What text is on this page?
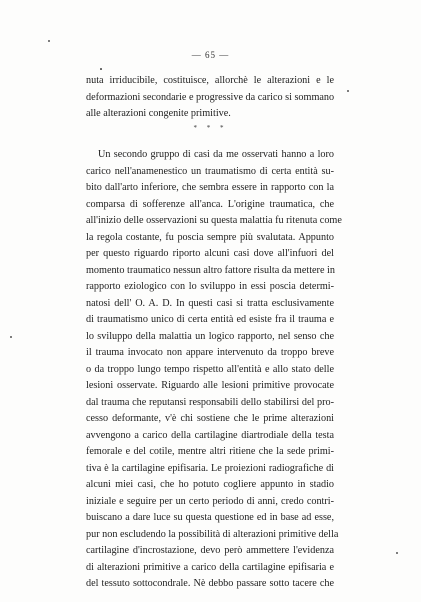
— 65 —
nuta irriducibile, costituisce, allorchè le alterazioni e le
deformazioni secondarie e progressive da carico si sommano
alle alterazioni congenite primitive.
* * *
Un secondo gruppo di casi da me osservati hanno a loro
carico nell'anamenestico un traumatismo di certa entità su-
bito dall'arto inferiore, che sembra essere in rapporto con la
comparsa di sofferenze all'anca. L'origine traumatica, che
all'inizio delle osservazioni su questa malattia fu ritenuta come
la regola costante, fu poscia sempre più svalutata. Appunto
per questo riguardo riporto alcuni casi dove all'infuori del
momento traumatico nessun altro fattore risulta da mettere in
rapporto eziologico con lo sviluppo in essi poscia determi-
natosi dell' O. A. D. In questi casi si tratta esclusivamente
di traumatismo unico di certa entità ed esiste fra il trauma e
lo sviluppo della malattia un logico rapporto, nel senso che
il trauma invocato non appare intervenuto da troppo breve
o da troppo lungo tempo rispetto all'entità e allo stato delle
lesioni osservate. Riguardo alle lesioni primitive provocate
dal trauma che reputansi responsabili dello stabilirsi del pro-
cesso deformante, v'è chi sostiene che le prime alterazioni
avvengono a carico della cartilagine diartrodiale della testa
femorale e del cotile, mentre altri ritiene che la sede primi-
tiva è la cartilagine epifisaria. Le proiezioni radiografiche di
alcuni miei casi, che ho potuto cogliere appunto in stadio
iniziale e seguire per un certo periodo di anni, credo contri-
buiscano a dare luce su questa questione ed in base ad esse,
pur non escludendo la possibilità di alterazioni primitive della
cartilagine d'incrostazione, devo però ammettere l'evidenza
di alterazioni primitive a carico della cartilagine epifisaria e
del tessuto sottocondrale. Nè debbo passare sotto tacere che
